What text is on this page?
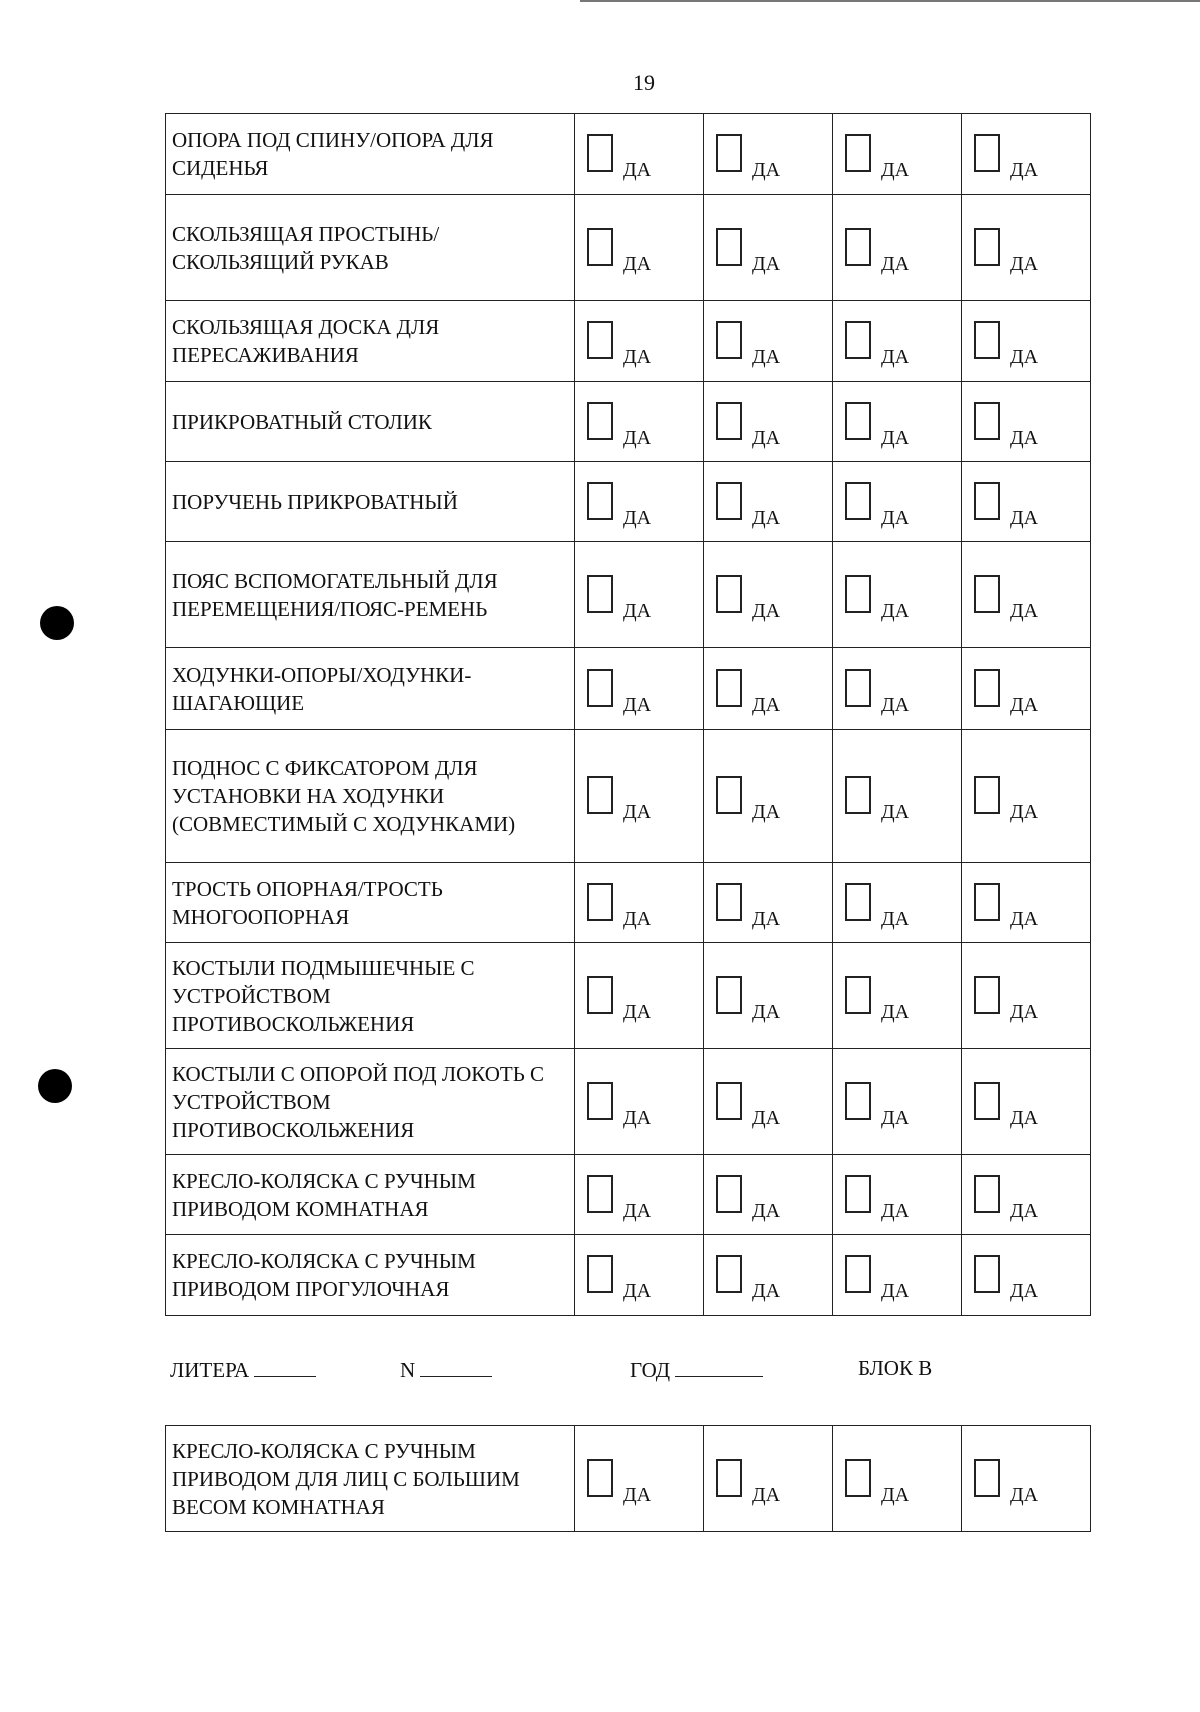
19
ОПОРА ПОД СПИНУ/ОПОРА ДЛЯ СИДЕНЬЯ	ДА	ДА	ДА	ДА

СКОЛЬЗЯЩАЯ ПРОСТЫНЬ/СКОЛЬЗЯЩИЙ РУКАВ	ДА	ДА	ДА	ДА

СКОЛЬЗЯЩАЯ ДОСКА ДЛЯ ПЕРЕСАЖИВАНИЯ	ДА	ДА	ДА	ДА

ПРИКРОВАТНЫЙ СТОЛИК	ДА	ДА	ДА	ДА

ПОРУЧЕНЬ ПРИКРОВАТНЫЙ	ДА	ДА	ДА	ДА

ПОЯС ВСПОМОГАТЕЛЬНЫЙ ДЛЯ ПЕРЕМЕЩЕНИЯ/ПОЯС-РЕМЕНЬ	ДА	ДА	ДА	ДА

ХОДУНКИ-ОПОРЫ/ХОДУНКИ-ШАГАЮЩИЕ	ДА	ДА	ДА	ДА

ПОДНОС С ФИКСАТОРОМ ДЛЯ УСТАНОВКИ НА ХОДУНКИ (СОВМЕСТИМЫЙ С ХОДУНКАМИ)	ДА	ДА	ДА	ДА

ТРОСТЬ ОПОРНАЯ/ТРОСТЬ МНОГООПОРНАЯ	ДА	ДА	ДА	ДА

КОСТЫЛИ ПОДМЫШЕЧНЫЕ С УСТРОЙСТВОМ ПРОТИВОСКОЛЬЖЕНИЯ	ДА	ДА	ДА	ДА

КОСТЫЛИ С ОПОРОЙ ПОД ЛОКОТЬ С УСТРОЙСТВОМ ПРОТИВОСКОЛЬЖЕНИЯ	ДА	ДА	ДА	ДА

КРЕСЛО-КОЛЯСКА С РУЧНЫМ ПРИВОДОМ КОМНАТНАЯ	ДА	ДА	ДА	ДА

КРЕСЛО-КОЛЯСКА С РУЧНЫМ ПРИВОДОМ ПРОГУЛОЧНАЯ	ДА	ДА	ДА	ДА
ЛИТЕРА	N	ГОД	БЛОК В
КРЕСЛО-КОЛЯСКА С РУЧНЫМ ПРИВОДОМ ДЛЯ ЛИЦ С БОЛЬШИМ ВЕСОМ КОМНАТНАЯ	ДА	ДА	ДА	ДА
